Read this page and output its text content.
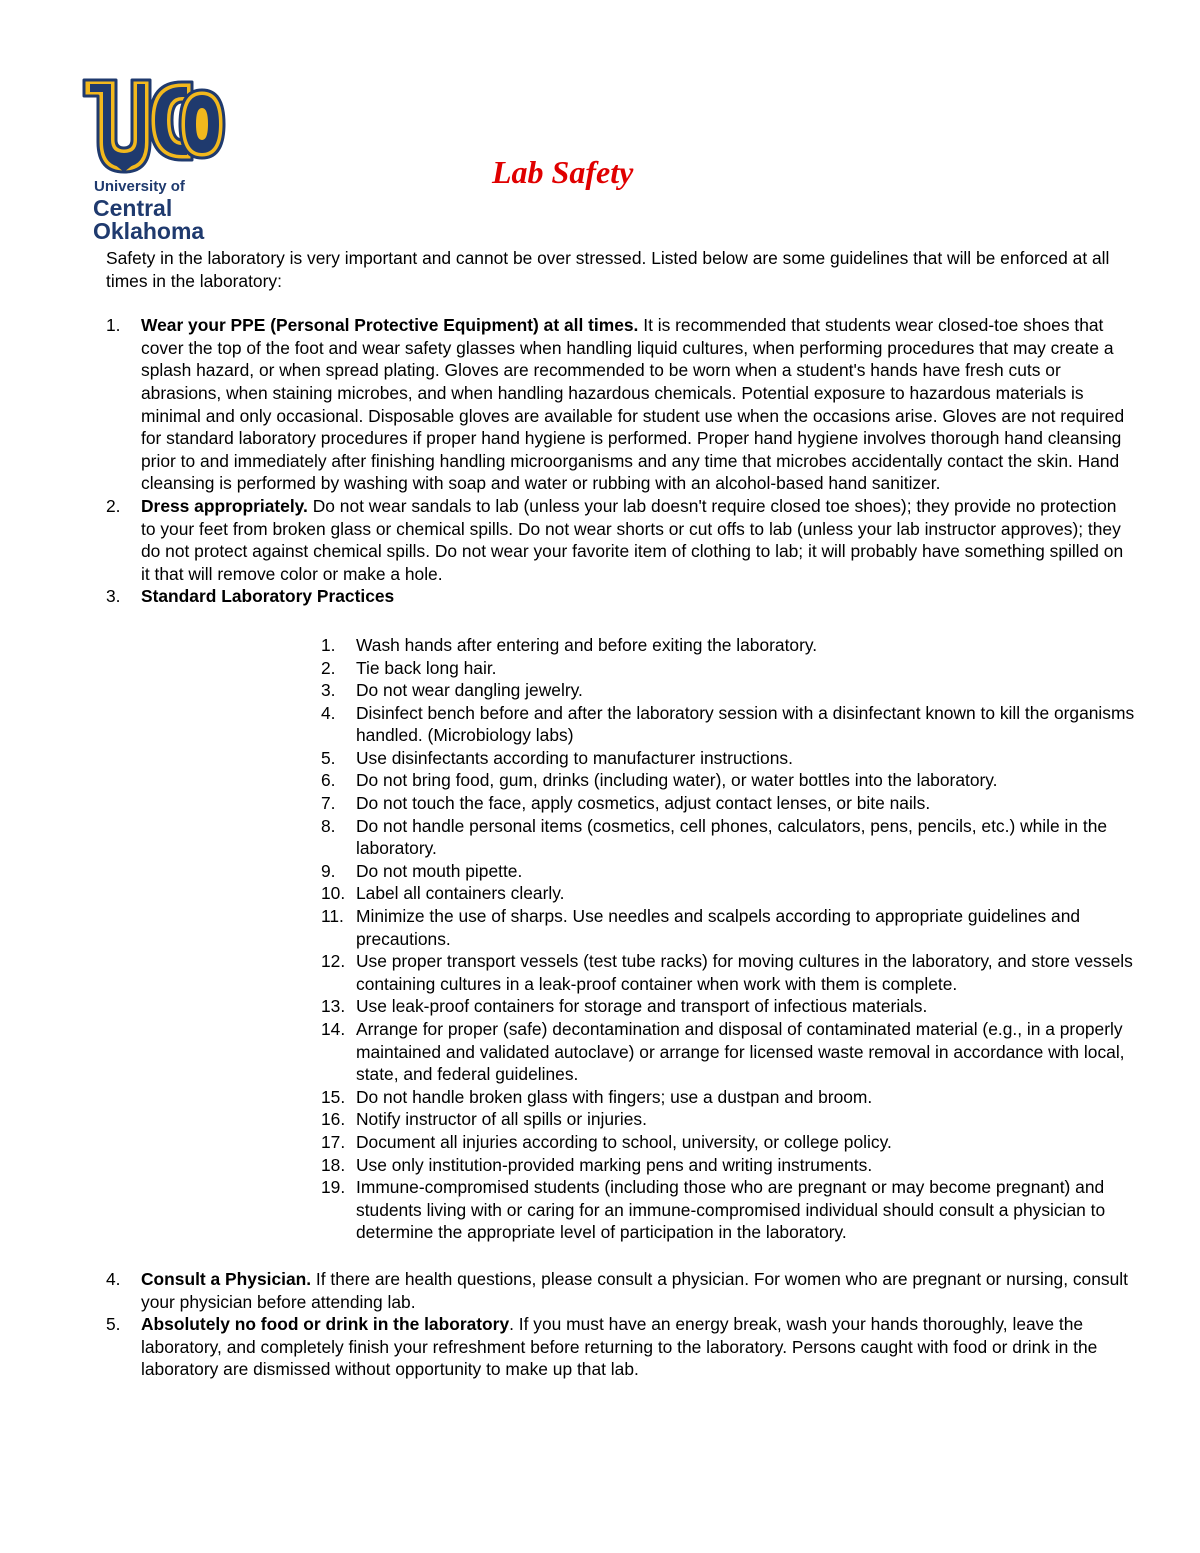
University of
Central
Oklahoma
Lab Safety

Safety in the laboratory is very important and cannot be over stressed. Listed below are some guidelines that will be enforced at all times in the laboratory:

1. Wear your PPE (Personal Protective Equipment) at all times. It is recommended that students wear closed-toe shoes that cover the top of the foot and wear safety glasses when handling liquid cultures, when performing procedures that may create a splash hazard, or when spread plating. Gloves are recommended to be worn when a student's hands have fresh cuts or abrasions, when staining microbes, and when handling hazardous chemicals. Potential exposure to hazardous materials is minimal and only occasional. Disposable gloves are available for student use when the occasions arise. Gloves are not required for standard laboratory procedures if proper hand hygiene is performed. Proper hand hygiene involves thorough hand cleansing prior to and immediately after finishing handling microorganisms and any time that microbes accidentally contact the skin. Hand cleansing is performed by washing with soap and water or rubbing with an alcohol-based hand sanitizer.
2. Dress appropriately. Do not wear sandals to lab (unless your lab doesn't require closed toe shoes); they provide no protection to your feet from broken glass or chemical spills. Do not wear shorts or cut offs to lab (unless your lab instructor approves); they do not protect against chemical spills. Do not wear your favorite item of clothing to lab; it will probably have something spilled on it that will remove color or make a hole.
3. Standard Laboratory Practices
1. Wash hands after entering and before exiting the laboratory.
2. Tie back long hair.
3. Do not wear dangling jewelry.
4. Disinfect bench before and after the laboratory session with a disinfectant known to kill the organisms handled. (Microbiology labs)
5. Use disinfectants according to manufacturer instructions.
6. Do not bring food, gum, drinks (including water), or water bottles into the laboratory.
7. Do not touch the face, apply cosmetics, adjust contact lenses, or bite nails.
8. Do not handle personal items (cosmetics, cell phones, calculators, pens, pencils, etc.) while in the laboratory.
9. Do not mouth pipette.
10. Label all containers clearly.
11. Minimize the use of sharps. Use needles and scalpels according to appropriate guidelines and precautions.
12. Use proper transport vessels (test tube racks) for moving cultures in the laboratory, and store vessels containing cultures in a leak-proof container when work with them is complete.
13. Use leak-proof containers for storage and transport of infectious materials.
14. Arrange for proper (safe) decontamination and disposal of contaminated material (e.g., in a properly maintained and validated autoclave) or arrange for licensed waste removal in accordance with local, state, and federal guidelines.
15. Do not handle broken glass with fingers; use a dustpan and broom.
16. Notify instructor of all spills or injuries.
17. Document all injuries according to school, university, or college policy.
18. Use only institution-provided marking pens and writing instruments.
19. Immune-compromised students (including those who are pregnant or may become pregnant) and students living with or caring for an immune-compromised individual should consult a physician to determine the appropriate level of participation in the laboratory.
4. Consult a Physician. If there are health questions, please consult a physician. For women who are pregnant or nursing, consult your physician before attending lab.
5. Absolutely no food or drink in the laboratory. If you must have an energy break, wash your hands thoroughly, leave the laboratory, and completely finish your refreshment before returning to the laboratory. Persons caught with food or drink in the laboratory are dismissed without opportunity to make up that lab.
